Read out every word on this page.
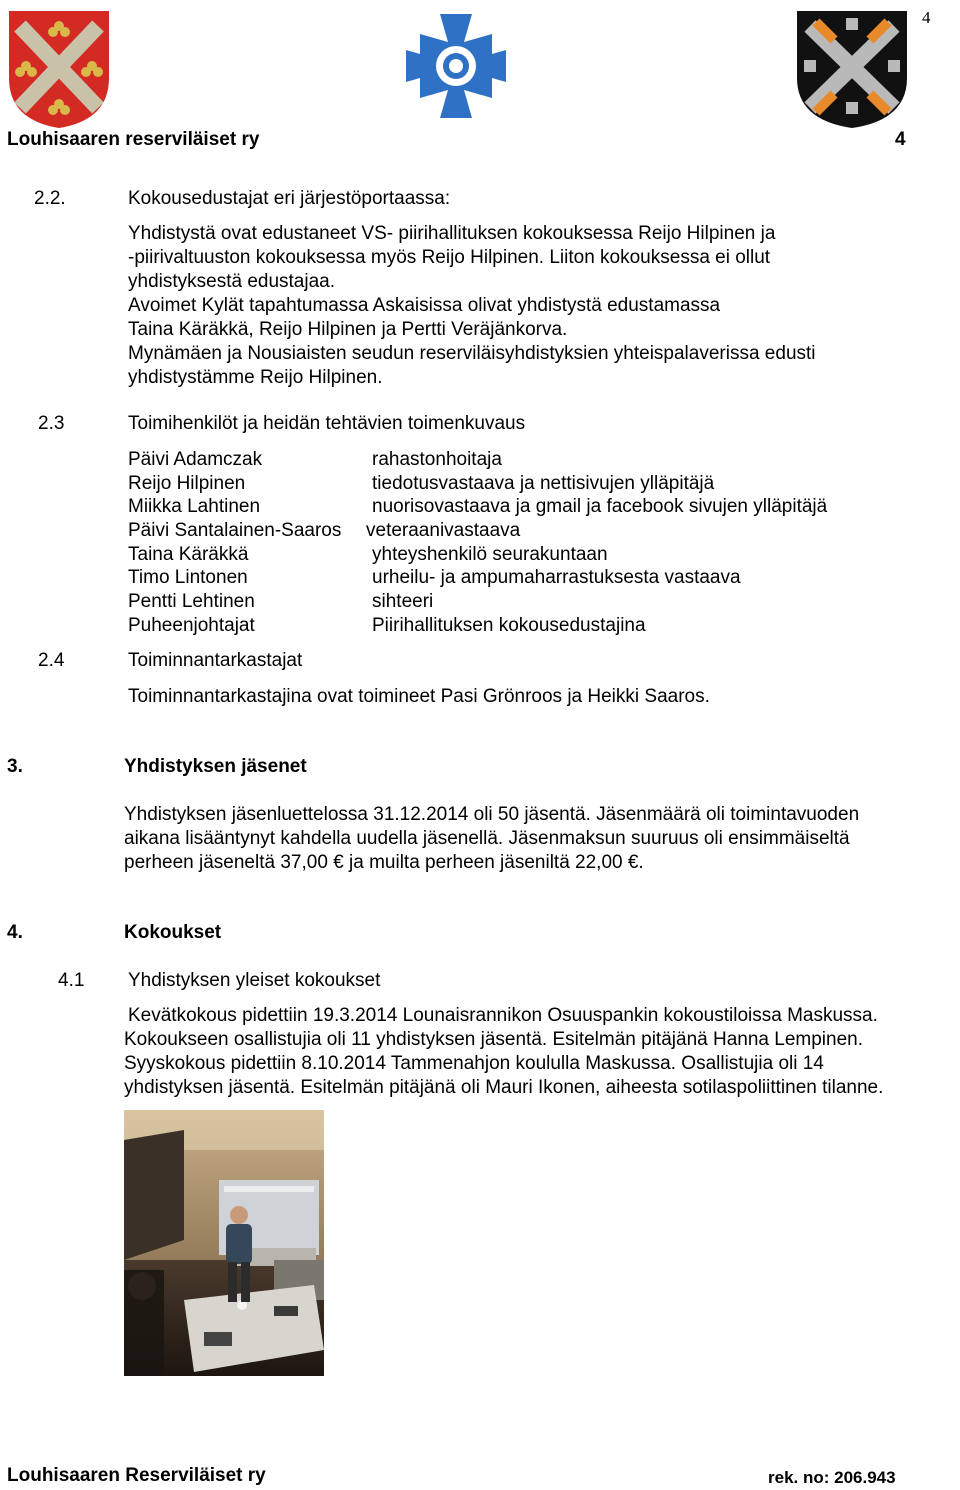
4
Louhisaaren reserviläiset ry	4
2.2.	Kokousedustajat eri järjestöportaassa:
Yhdistystä ovat edustaneet VS- piirihallituksen kokouksessa Reijo Hilpinen ja
-piirivaltuuston kokouksessa myös Reijo Hilpinen. Liiton kokouksessa ei ollut
yhdistyksestä edustajaa.
Avoimet Kylät tapahtumassa Askaisissa olivat yhdistystä edustamassa
Taina Käräkkä, Reijo Hilpinen ja Pertti Veräjänkorva.
Mynämäen ja Nousiaisten seudun reserviläisyhdistyksien yhteispalaverissa edusti
yhdistystämme Reijo Hilpinen.
2.3	Toimihenkilöt ja heidän tehtävien toimenkuvaus
Päivi Adamczak	rahastonhoitaja
Reijo Hilpinen	tiedotusvastaava ja nettisivujen ylläpitäjä
Miikka Lahtinen	nuorisovastaava ja gmail ja facebook sivujen ylläpitäjä
Päivi Santalainen-Saaros veteraanivastaava
Taina Käräkkä	yhteyshenkilö seurakuntaan
Timo Lintonen	urheilu- ja ampumaharrastuksesta vastaava
Pentti Lehtinen	sihteeri
Puheenjohtajat	Piirihallituksen kokousedustajina
2.4	Toiminnantarkastajat
Toiminnantarkastajina ovat toimineet Pasi Grönroos ja Heikki Saaros.
3.	Yhdistyksen jäsenet
Yhdistyksen jäsenluettelossa 31.12.2014 oli 50 jäsentä. Jäsenmäärä oli toimintavuoden
aikana lisääntynyt kahdella uudella jäsenellä. Jäsenmaksun suuruus oli ensimmäiseltä
perheen jäseneltä 37,00 € ja muilta perheen jäseniltä 22,00 €.
4.	Kokoukset
4.1 Yhdistyksen yleiset kokoukset
Kevätkokous pidettiin 19.3.2014 Lounaisrannikon Osuuspankin kokoustiloissa Maskussa.
Kokoukseen osallistujia oli 11 yhdistyksen jäsentä. Esitelmän pitäjänä Hanna Lempinen.
Syyskokous pidettiin 8.10.2014 Tammenahjon koululla Maskussa. Osallistujia oli 14
yhdistyksen jäsentä. Esitelmän pitäjänä oli Mauri Ikonen, aiheesta sotilaspoliittinen tilanne.
Louhisaaren Reserviläiset ry	rek. no: 206.943
